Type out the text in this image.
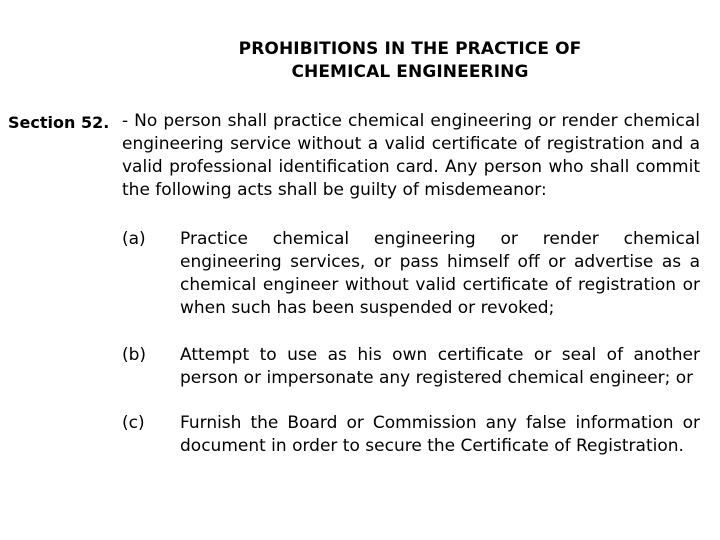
PROHIBITIONS IN THE PRACTICE OF
CHEMICAL ENGINEERING
Section 52. - No person shall practice chemical engineering or render chemical engineering service without a valid certificate of registration and a valid professional identification card. Any person who shall commit the following acts shall be guilty of misdemeanor:
(a)	Practice chemical engineering or render chemical engineering services, or pass himself off or advertise as a chemical engineer without valid certificate of registration or when such has been suspended or revoked;
(b)	Attempt to use as his own certificate or seal of another person or impersonate any registered chemical engineer; or
(c)	Furnish the Board or Commission any false information or document in order to secure the Certificate of Registration.
